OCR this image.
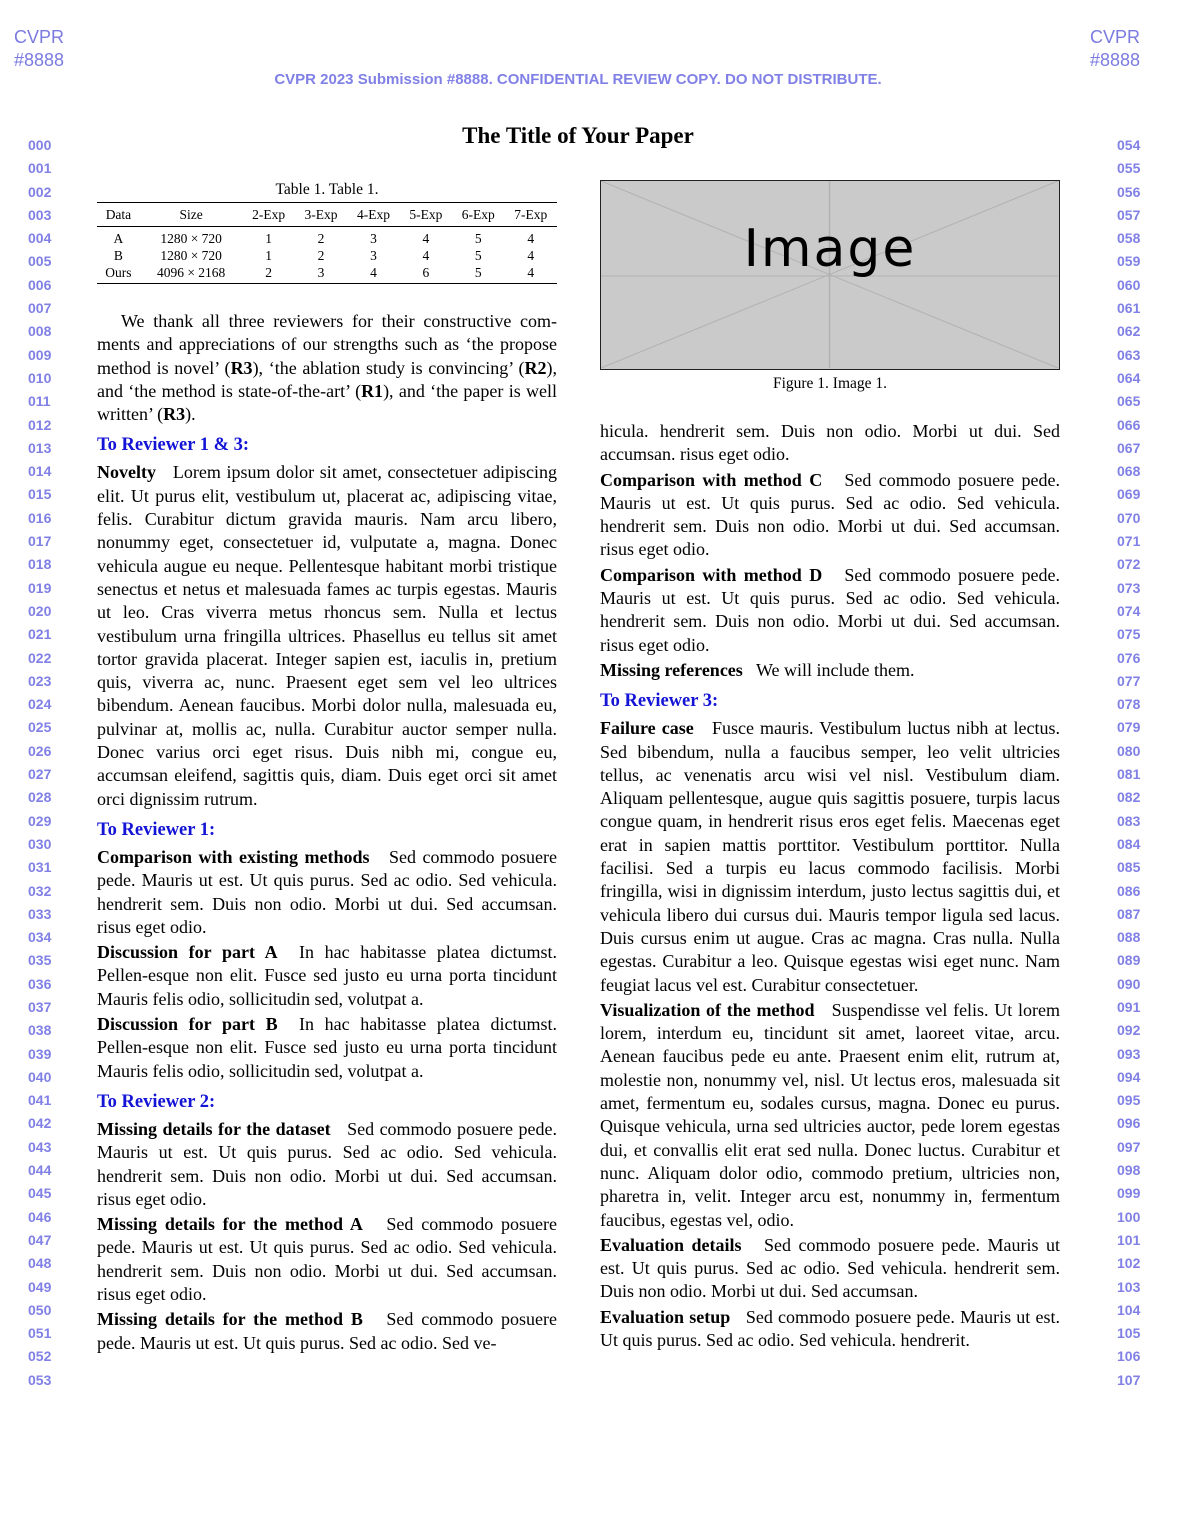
CVPR
#8888
CVPR
#8888
CVPR 2023 Submission #8888. CONFIDENTIAL REVIEW COPY. DO NOT DISTRIBUTE.
000
001
002
003
004
005
006
007
008
009
010
011
012
013
014
015
016
017
018
019
020
021
022
023
024
025
026
027
028
029
030
031
032
033
034
035
036
037
038
039
040
041
042
043
044
045
046
047
048
049
050
051
052
053
054
055
056
057
058
059
060
061
062
063
064
065
066
067
068
069
070
071
072
073
074
075
076
077
078
079
080
081
082
083
084
085
086
087
088
089
090
091
092
093
094
095
096
097
098
099
100
101
102
103
104
105
106
107
The Title of Your Paper
Table 1. Table 1.
Data	Size	2-Exp	3-Exp	4-Exp	5-Exp	6-Exp	7-Exp
A	1280 × 720	1	2	3	4	5	4
B	1280 × 720	1	2	3	4	5	4
Ours	4096 × 2168	2	3	4	6	5	4

We thank all three reviewers for their constructive comments and appreciations of our strengths such as ‘the propose method is novel’ (R3), ‘the ablation study is convincing’ (R2), and ‘the method is state-of-the-art’ (R1), and ‘the paper is well written’ (R3).

To Reviewer 1 & 3:

Novelty Lorem ipsum dolor sit amet, consectetuer adipiscing elit. Ut purus elit, vestibulum ut, placerat ac, adipiscing vitae, felis. Curabitur dictum gravida mauris. Nam arcu libero, nonummy eget, consectetuer id, vulputate a, magna. Donec vehicula augue eu neque. Pellentesque habitant morbi tristique senectus et netus et malesuada fames ac turpis egestas. Mauris ut leo. Cras viverra metus rhoncus sem. Nulla et lectus vestibulum urna fringilla ultrices. Phasellus eu tellus sit amet tortor gravida placerat. Integer sapien est, iaculis in, pretium quis, viverra ac, nunc. Praesent eget sem vel leo ultrices bibendum. Aenean faucibus. Morbi dolor nulla, malesuada eu, pulvinar at, mollis ac, nulla. Curabitur auctor semper nulla. Donec varius orci eget risus. Duis nibh mi, congue eu, accumsan eleifend, sagittis quis, diam. Duis eget orci sit amet orci dignissim rutrum.

To Reviewer 1:

Comparison with existing methods Sed commodo posuere pede. Mauris ut est. Ut quis purus. Sed ac odio. Sed vehicula. hendrerit sem. Duis non odio. Morbi ut dui. Sed accumsan. risus eget odio.

Discussion for part A In hac habitasse platea dictumst. Pellen-esque non elit. Fusce sed justo eu urna porta tincidunt Mauris felis odio, sollicitudin sed, volutpat a.

Discussion for part B In hac habitasse platea dictumst. Pellen-esque non elit. Fusce sed justo eu urna porta tincidunt Mauris felis odio, sollicitudin sed, volutpat a.

To Reviewer 2:

Missing details for the dataset Sed commodo posuere pede. Mauris ut est. Ut quis purus. Sed ac odio. Sed vehicula. hendrerit sem. Duis non odio. Morbi ut dui. Sed accumsan. risus eget odio.

Missing details for the method A Sed commodo posuere pede. Mauris ut est. Ut quis purus. Sed ac odio. Sed vehicula. hendrerit sem. Duis non odio. Morbi ut dui. Sed accumsan. risus eget odio.

Missing details for the method B Sed commodo posuere pede. Mauris ut est. Ut quis purus. Sed ac odio. Sed ve-

Image
Figure 1. Image 1.

hicula. hendrerit sem. Duis non odio. Morbi ut dui. Sed accumsan. risus eget odio.

Comparison with method C Sed commodo posuere pede. Mauris ut est. Ut quis purus. Sed ac odio. Sed vehicula. hendrerit sem. Duis non odio. Morbi ut dui. Sed accumsan. risus eget odio.

Comparison with method D Sed commodo posuere pede. Mauris ut est. Ut quis purus. Sed ac odio. Sed vehicula. hendrerit sem. Duis non odio. Morbi ut dui. Sed accumsan. risus eget odio.

Missing references We will include them.

To Reviewer 3:

Failure case Fusce mauris. Vestibulum luctus nibh at lectus. Sed bibendum, nulla a faucibus semper, leo velit ultricies tellus, ac venenatis arcu wisi vel nisl. Vestibulum diam. Aliquam pellentesque, augue quis sagittis posuere, turpis lacus congue quam, in hendrerit risus eros eget felis. Maecenas eget erat in sapien mattis porttitor. Vestibulum porttitor. Nulla facilisi. Sed a turpis eu lacus commodo facilisis. Morbi fringilla, wisi in dignissim interdum, justo lectus sagittis dui, et vehicula libero dui cursus dui. Mauris tempor ligula sed lacus. Duis cursus enim ut augue. Cras ac magna. Cras nulla. Nulla egestas. Curabitur a leo. Quisque egestas wisi eget nunc. Nam feugiat lacus vel est. Curabitur consectetuer.

Visualization of the method Suspendisse vel felis. Ut lorem lorem, interdum eu, tincidunt sit amet, laoreet vitae, arcu. Aenean faucibus pede eu ante. Praesent enim elit, rutrum at, molestie non, nonummy vel, nisl. Ut lectus eros, malesuada sit amet, fermentum eu, sodales cursus, magna. Donec eu purus. Quisque vehicula, urna sed ultricies auctor, pede lorem egestas dui, et convallis elit erat sed nulla. Donec luctus. Curabitur et nunc. Aliquam dolor odio, commodo pretium, ultricies non, pharetra in, velit. Integer arcu est, nonummy in, fermentum faucibus, egestas vel, odio.

Evaluation details Sed commodo posuere pede. Mauris ut est. Ut quis purus. Sed ac odio. Sed vehicula. hendrerit sem. Duis non odio. Morbi ut dui. Sed accumsan.

Evaluation setup Sed commodo posuere pede. Mauris ut est. Ut quis purus. Sed ac odio. Sed vehicula. hendrerit.
